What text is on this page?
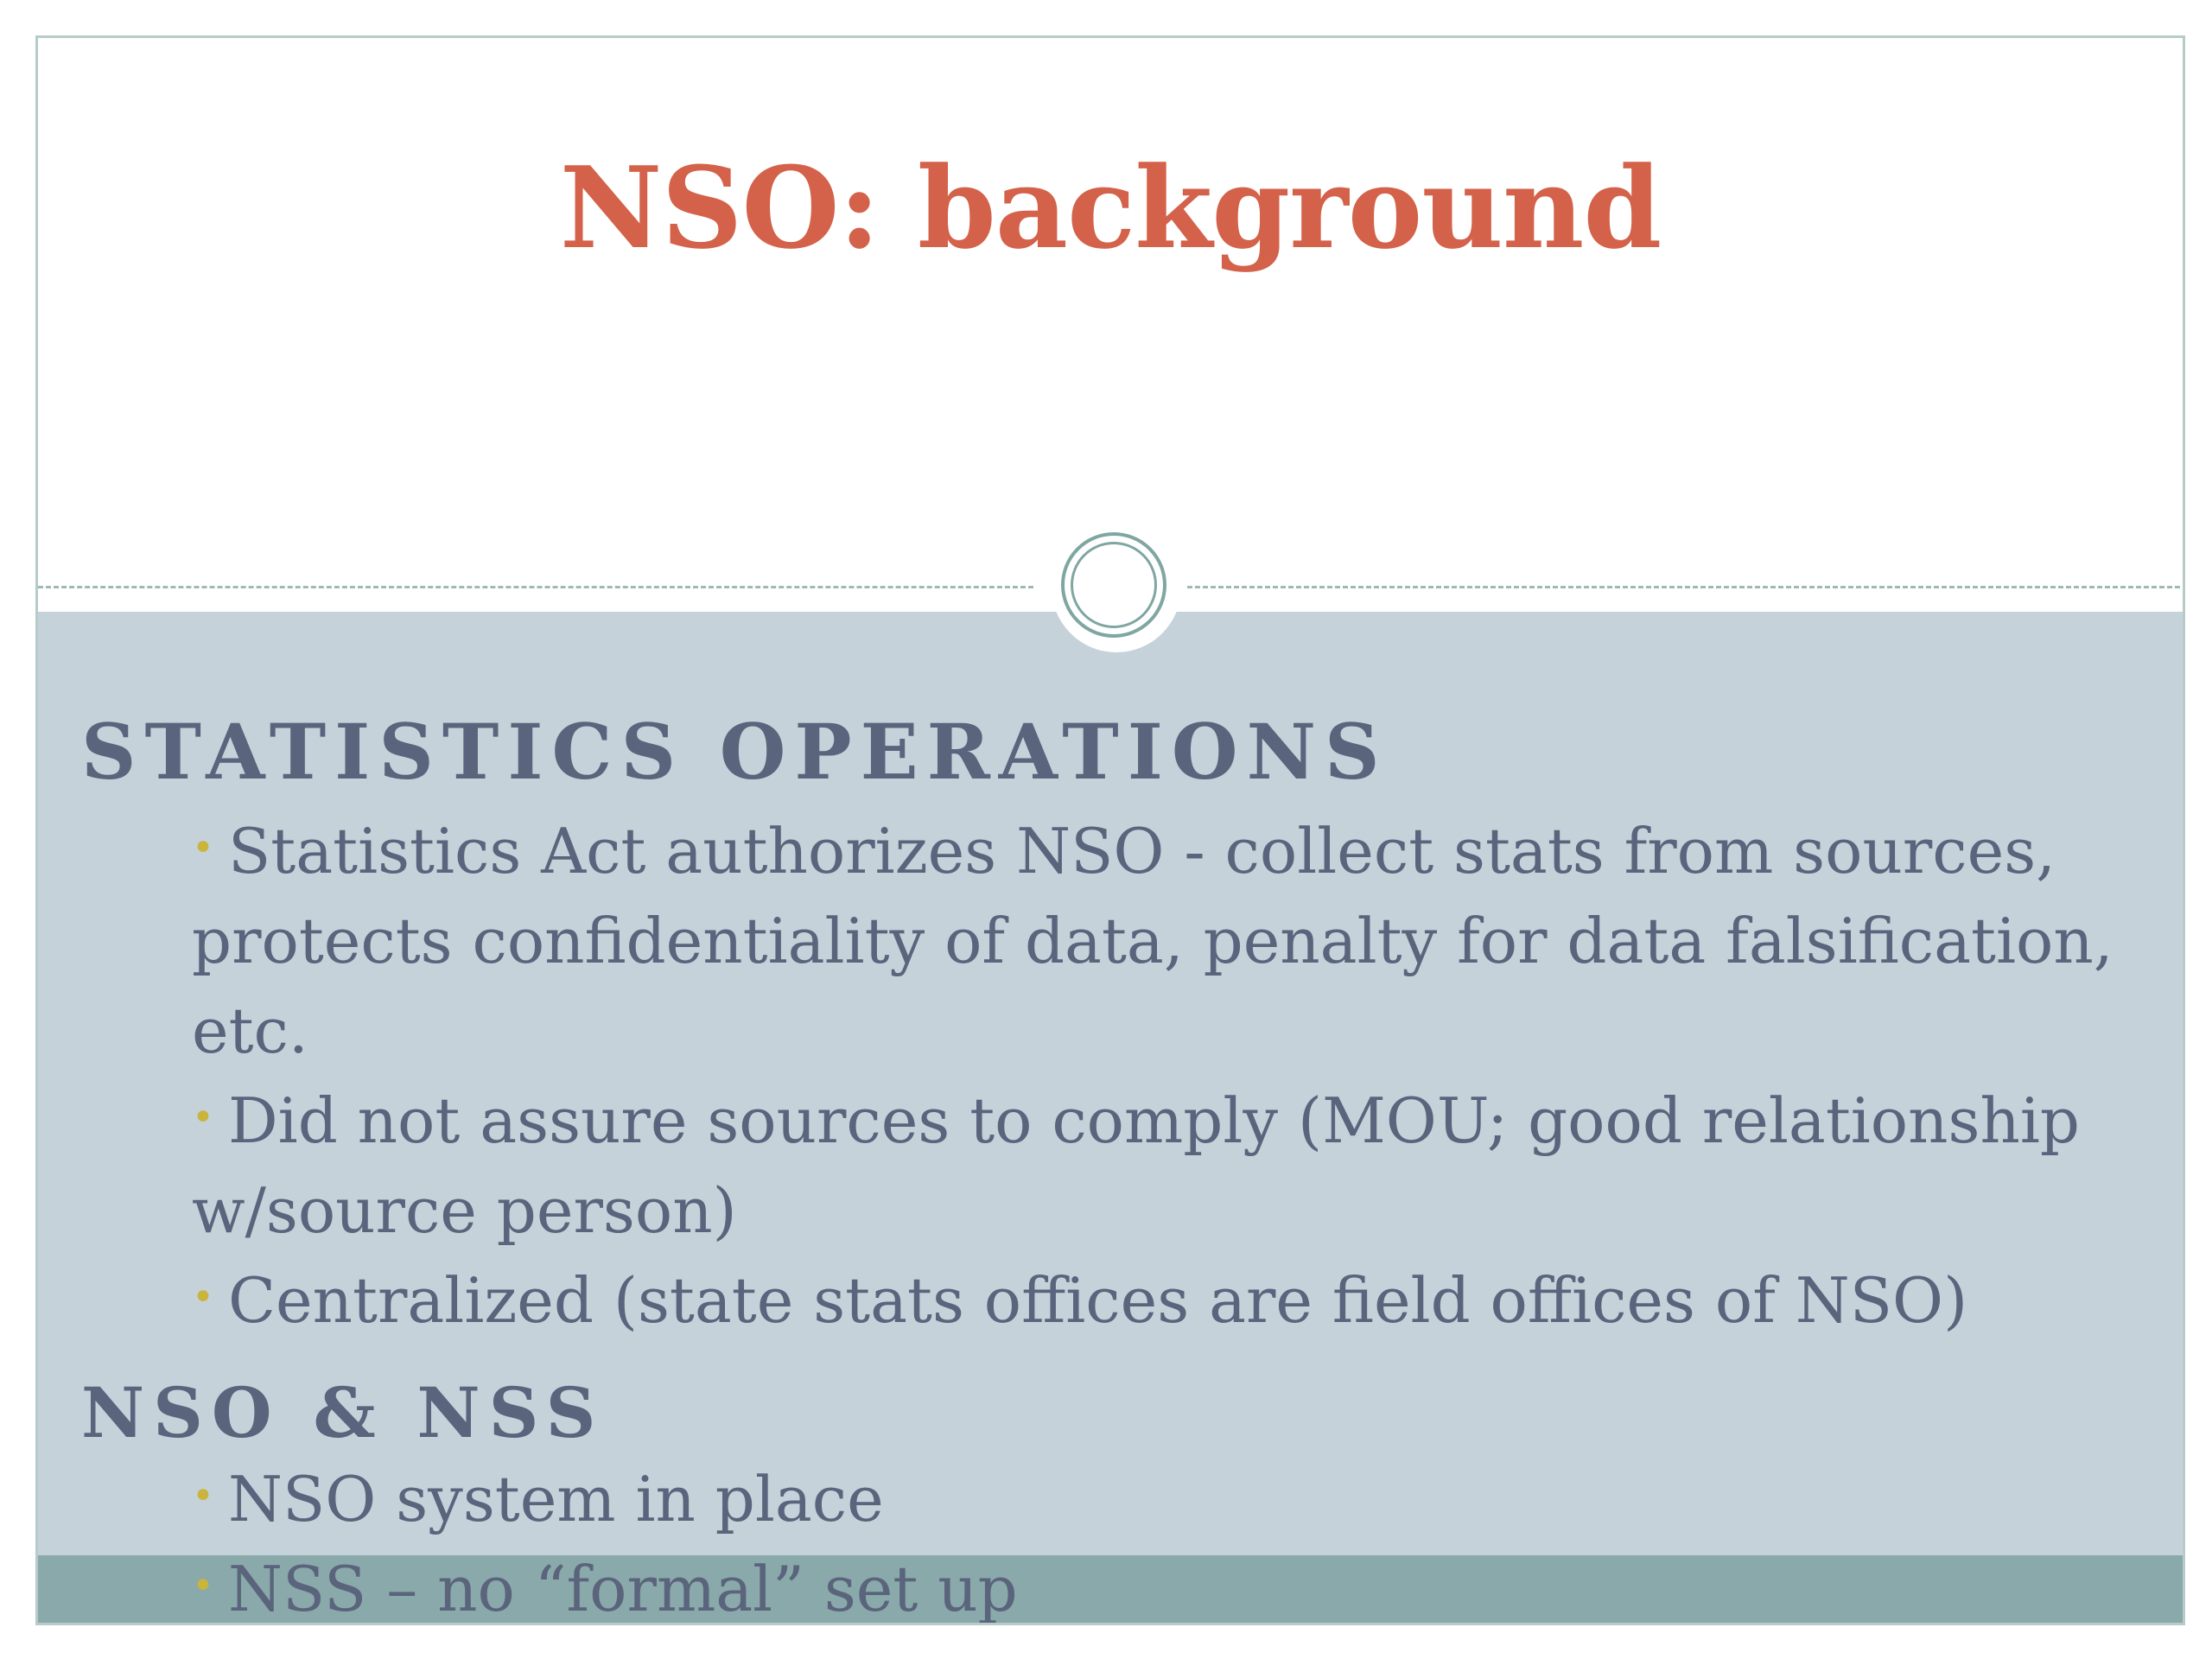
NSO: background
STATISTICS OPERATIONS

• Statistics Act authorizes NSO - collect stats from sources, protects confidentiality of data, penalty for data falsification, etc.

• Did not assure sources to comply (MOU; good relationship w/source person)

• Centralized (state stats offices are field offices of NSO)

NSO & NSS

• NSO system in place

• NSS – no “formal” set up
